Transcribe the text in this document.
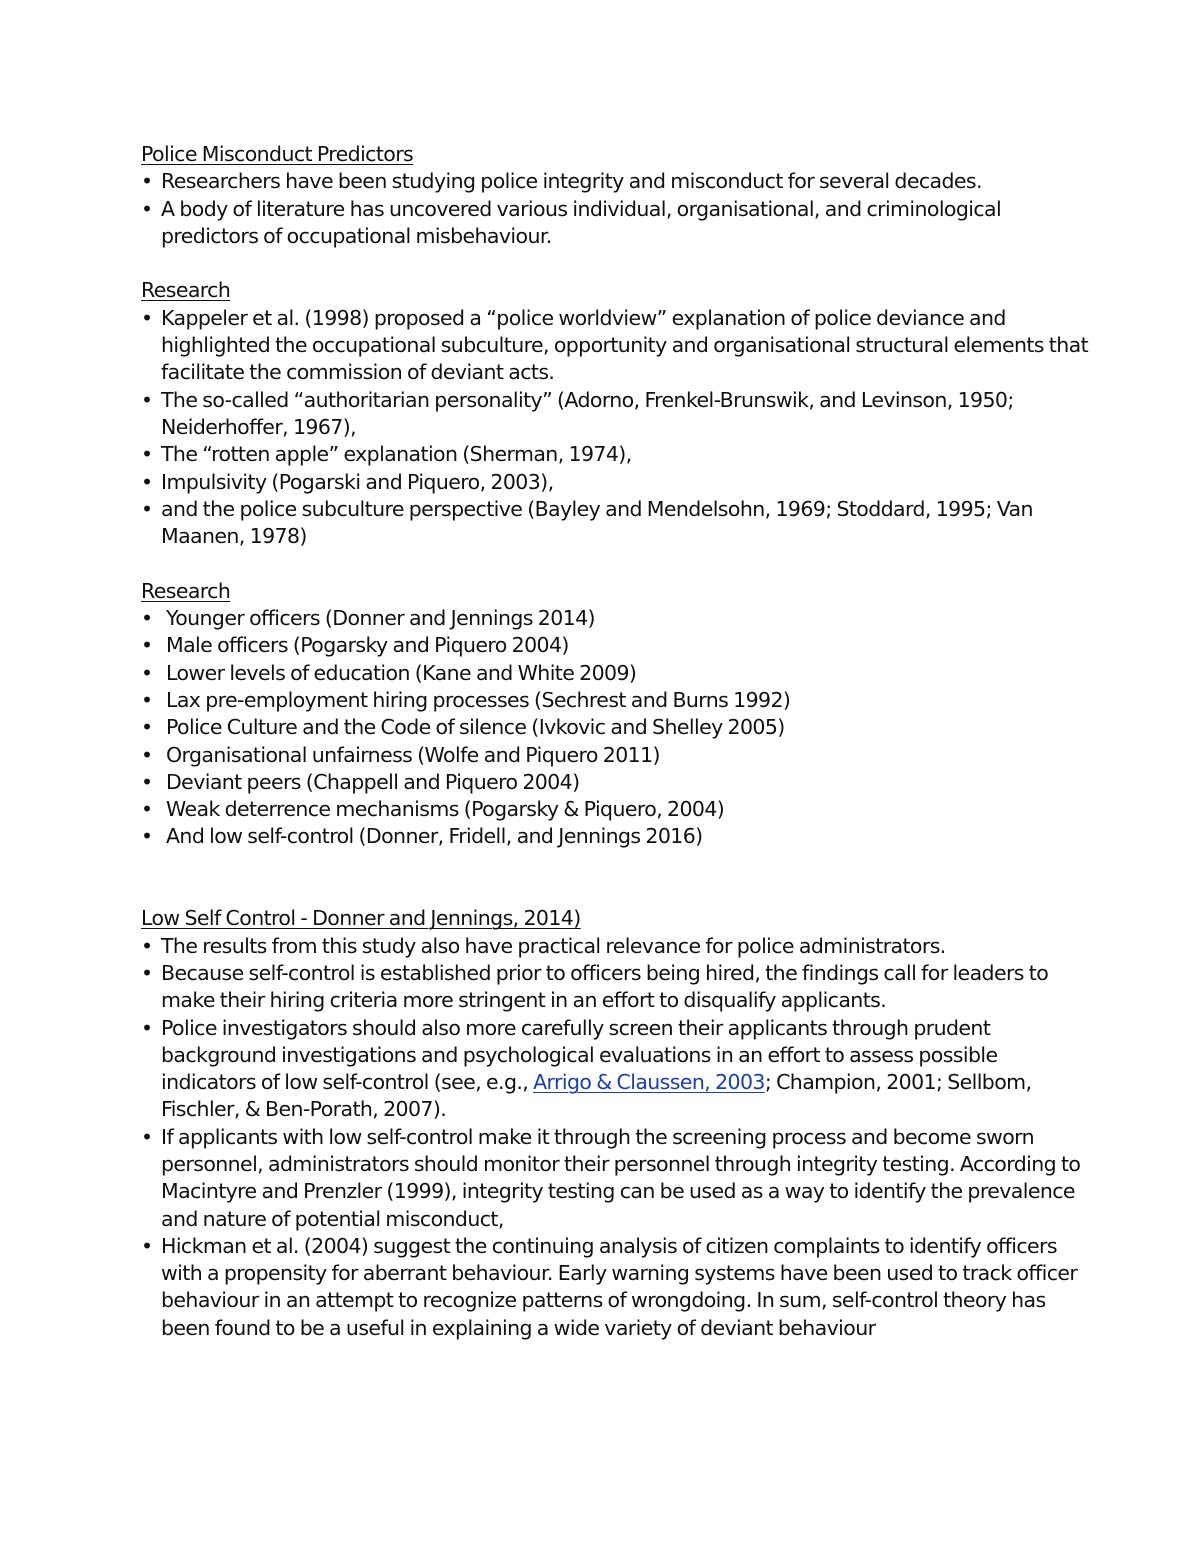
Police Misconduct Predictors
• Researchers have been studying police integrity and misconduct for several decades.
• A body of literature has uncovered various individual, organisational, and criminological predictors of occupational misbehaviour.
Research
• Kappeler et al. (1998) proposed a “police worldview” explanation of police deviance and highlighted the occupational subculture, opportunity and organisational structural elements that facilitate the commission of deviant acts.
• The so-called “authoritarian personality” (Adorno, Frenkel-Brunswik, and Levinson, 1950; Neiderhoffer, 1967),
• The “rotten apple” explanation (Sherman, 1974),
• Impulsivity (Pogarski and Piquero, 2003),
• and the police subculture perspective (Bayley and Mendelsohn, 1969; Stoddard, 1995; Van Maanen, 1978)
Research
• Younger officers (Donner and Jennings 2014)
• Male officers (Pogarsky and Piquero 2004)
• Lower levels of education (Kane and White 2009)
• Lax pre-employment hiring processes (Sechrest and Burns 1992)
• Police Culture and the Code of silence (Ivkovic and Shelley 2005)
• Organisational unfairness (Wolfe and Piquero 2011)
• Deviant peers (Chappell and Piquero 2004)
• Weak deterrence mechanisms (Pogarsky & Piquero, 2004)
• And low self-control (Donner, Fridell, and Jennings 2016)
Low Self Control - Donner and Jennings, 2014)
• The results from this study also have practical relevance for police administrators.
• Because self-control is established prior to officers being hired, the findings call for leaders to make their hiring criteria more stringent in an effort to disqualify applicants.
• Police investigators should also more carefully screen their applicants through prudent background investigations and psychological evaluations in an effort to assess possible indicators of low self-control (see, e.g., Arrigo & Claussen, 2003; Champion, 2001; Sellbom, Fischler, & Ben-Porath, 2007).
• If applicants with low self-control make it through the screening process and become sworn personnel, administrators should monitor their personnel through integrity testing. According to Macintyre and Prenzler (1999), integrity testing can be used as a way to identify the prevalence and nature of potential misconduct,
• Hickman et al. (2004) suggest the continuing analysis of citizen complaints to identify officers with a propensity for aberrant behaviour. Early warning systems have been used to track officer behaviour in an attempt to recognize patterns of wrongdoing. In sum, self-control theory has been found to be a useful in explaining a wide variety of deviant behaviour
